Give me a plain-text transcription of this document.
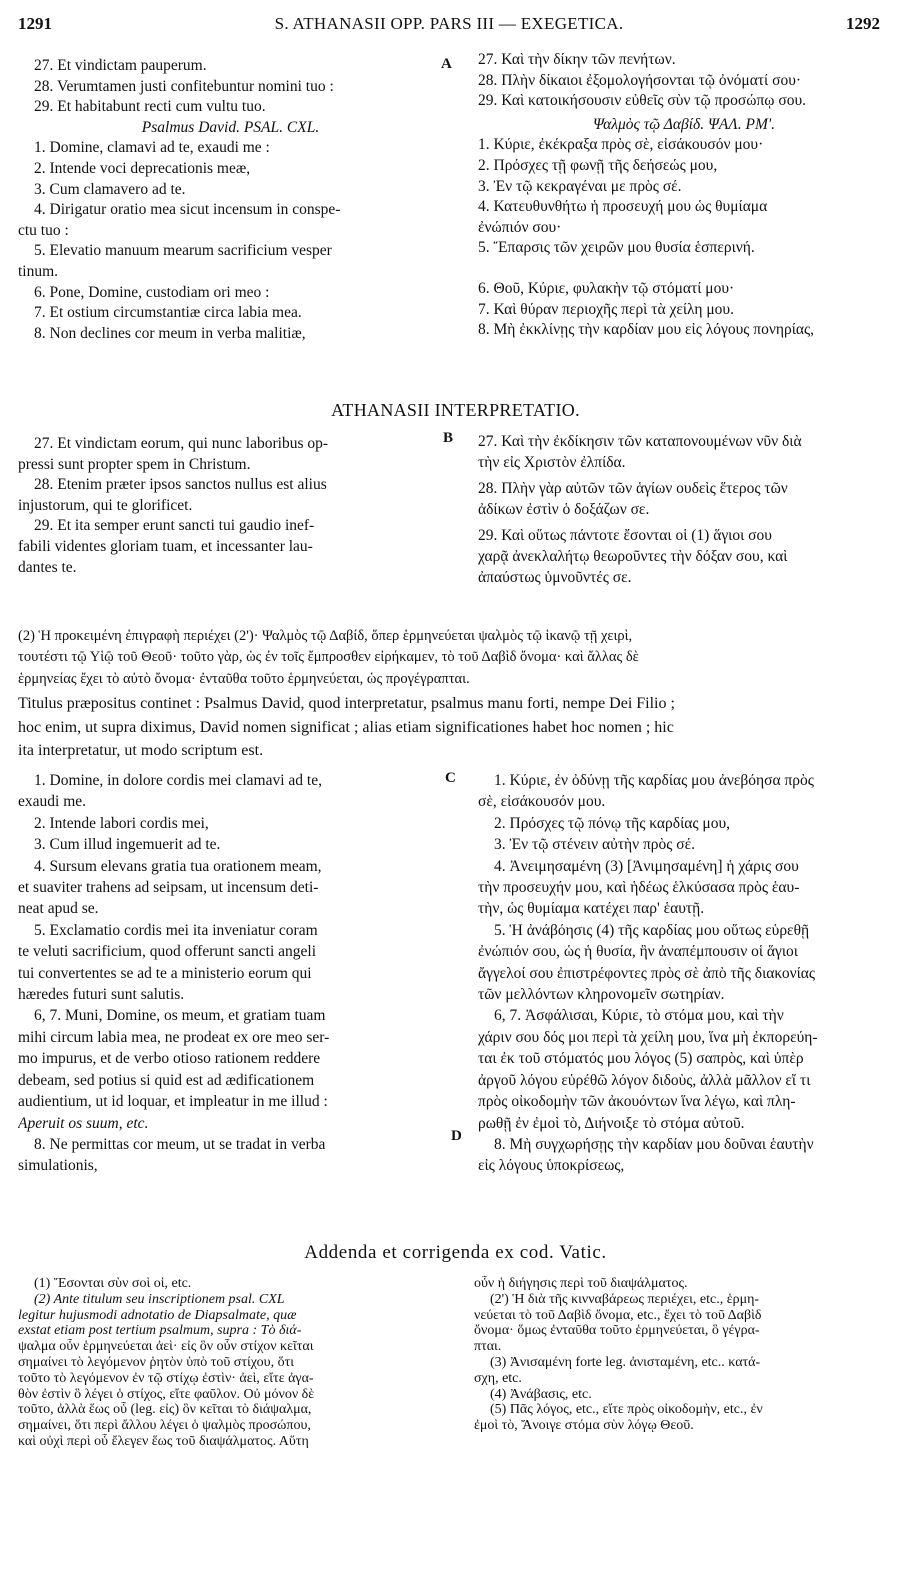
1291	S. ATHANASII OPP. PARS III — EXEGETICA.	1292
27. Et vindictam pauperum.
28. Verumtamen justi confitebuntur nomini tuo :
29. Et habitabunt recti cum vultu tuo.
Psalmus David. PSAL. CXL.
1. Domine, clamavi ad te, exaudi me :
2. Intende voci deprecationis meæ,
3. Cum clamavero ad te.
4. Dirigatur oratio mea sicut incensum in conspe-
ctu tuo :
5. Elevatio manuum mearum sacrificium vesper
tinum.
6. Pone, Domine, custodiam ori meo :
7. Et ostium circumstantiæ circa labia mea.
8. Non declines cor meum in verba malitiæ,
A 27. Καὶ τὴν δίκην τῶν πενήτων.
28. Πλὴν δίκαιοι ἐξομολογήσονται τῷ ὀνόματί σου·
29. Καὶ κατοικήσουσιν εὐθεῖς σὺν τῷ προσώπῳ σου.
Ψαλμὸς τῷ Δαβίδ. ΨΑΛ. ΡΜ'.
1. Κύριε, ἐκέκραξα πρὸς σὲ, εἰσάκουσόν μου·
2. Πρόσχες τῇ φωνῇ τῆς δεήσεώς μου,
3. Ἐν τῷ κεκραγέναι με πρὸς σέ.
4. Κατευθυνθήτω ἡ προσευχή μου ὡς θυμίαμα
ἐνώπιόν σου·
5. Ἔπαρσις τῶν χειρῶν μου θυσία ἑσπερινή.
6. Θοῦ, Κύριε, φυλακὴν τῷ στόματί μου·
7. Καὶ θύραν περιοχῆς περὶ τὰ χείλη μου.
8. Μὴ ἐκκλίνῃς τὴν καρδίαν μου εἰς λόγους πονηρίας,
ATHANASII INTERPRETATIO.
27. Et vindictam eorum, qui nunc laboribus op-
pressi sunt propter spem in Christum.
28. Etenim præter ipsos sanctos nullus est alius
injustorum, qui te glorificet.
29. Et ita semper erunt sancti tui gaudio inef-
fabili videntes gloriam tuam, et incessanter lau-
dantes te.
B 27. Καὶ τὴν ἐκδίκησιν τῶν καταπονουμένων νῦν διὰ
τὴν εἰς Χριστὸν ἐλπίδα.
28. Πλὴν γὰρ αὐτῶν τῶν ἁγίων ουδεὶς ἕτερος τῶν
ἀδίκων ἐστὶν ὁ δοξάζων σε.
29. Καὶ οὕτως πάντοτε ἔσονται οἱ (1) ἅγιοι σου
χαρᾷ ἀνεκλαλήτῳ θεωροῦντες τὴν δόξαν σου, καὶ
ἀπαύστως ὑμνοῦντές σε.
(2) Ἡ προκειμένη ἐπιγραφὴ περιέχει (2')· Ψαλμὸς τῷ Δαβίδ, ὅπερ ἑρμηνεύεται ψαλμὸς τῷ ἱκανῷ τῇ χειρὶ,
τουτέστι τῷ Υἱῷ τοῦ Θεοῦ· τοῦτο γὰρ, ὡς ἐν τοῖς ἔμπροσθεν εἰρήκαμεν, τὸ τοῦ Δαβὶδ ὄνομα· καὶ ἄλλας δὲ
ἑρμηνείας ἔχει τὸ αὐτὸ ὄνομα· ἐνταῦθα τοῦτο ἑρμηνεύεται, ὡς προγέγραπται.
Titulus præpositus continet : Psalmus David, quod interpretatur, psalmus manu forti, nempe Dei Filio ;
hoc enim, ut supra diximus, David nomen significat ; alias etiam significationes habet hoc nomen ; hic
ita interpretatur, ut modo scriptum est.
1. Domine, in dolore cordis mei clamavi ad te,
exaudi me.
2. Intende labori cordis mei,
3. Cum illud ingemuerit ad te.
4. Sursum elevans gratia tua orationem meam,
et suaviter trahens ad seipsam, ut incensum deti-
neat apud se.
5. Exclamatio cordis mei ita inveniatur coram
te veluti sacrificium, quod offerunt sancti angeli
tui convertentes se ad te a ministerio eorum qui
hæredes futuri sunt salutis.
6, 7. Muni, Domine, os meum, et gratiam tuam
mihi circum labia mea, ne prodeat ex ore meo ser-
mo impurus, et de verbo otioso rationem reddere
debeam, sed potius si quid est ad ædificationem
audientium, ut id loquar, et impleatur in me illud :
Aperuit os suum, etc.
8. Ne permittas cor meum, ut se tradat in verba
simulationis,
C
D
1. Κύριε, ἐν ὀδύνῃ τῆς καρδίας μου ἀνεβόησα πρὸς
σὲ, εἰσάκουσόν μου.
2. Πρόσχες τῷ πόνῳ τῆς καρδίας μου,
3. Ἐν τῷ στένειν αὐτὴν πρὸς σέ.
4. Ἀνειμησαμένη (3) [Ἀνιμησαμένη] ἡ χάρις σου
τὴν προσευχήν μου, καὶ ἡδέως ἑλκύσασα πρὸς ἑαυ-
τὴν, ὡς θυμίαμα κατέχει παρ' ἑαυτῇ.
5. Ἡ ἀνάβόησις (4) τῆς καρδίας μου οὕτως εὑρεθῇ
ἐνώπιόν σου, ὡς ἡ θυσία, ἣν ἀναπέμπουσιν οἱ ἅγιοι
ἄγγελοί σου ἐπιστρέφοντες πρὸς σὲ ἀπὸ τῆς διακονίας
τῶν μελλόντων κληρονομεῖν σωτηρίαν.
6, 7. Ἀσφάλισαι, Κύριε, τὸ στόμα μου, καὶ τὴν
χάριν σου δός μοι περὶ τὰ χείλη μου, ἵνα μὴ ἐκπορεύη-
ται ἐκ τοῦ στόματός μου λόγος (5) σαπρὸς, καὶ ὑπὲρ
ἀργοῦ λόγου εὑρέθῶ λόγον διδοὺς, ἀλλὰ μᾶλλον εἴ τι
πρὸς οἰκοδομὴν τῶν ἀκουόντων ἵνα λέγω, καὶ πλη-
ρωθῇ ἐν ἐμοὶ τὸ, Διήνοιξε τὸ στόμα αὐτοῦ.
8. Μὴ συγχωρήσῃς τὴν καρδίαν μου δοῦναι ἑαυτὴν
εἰς λόγους ὑποκρίσεως,
Addenda et corrigenda ex cod. Vatic.
(1) Ἔσονται σὺν σοὶ οἱ, etc.
(2) Ante titulum seu inscriptionem psal. CXL
legitur hujusmodi adnotatio de Diapsalmate, quæ
exstat etiam post tertium psalmum, supra : Τὸ διά-
ψαλμα οὖν ἑρμηνεύεται ἀεὶ· εἰς ὃν οὖν στίχον κεῖται
σημαίνει τὸ λεγόμενον ῥητὸν ὑπὸ τοῦ στίχου, ὅτι
τοῦτο τὸ λεγόμενον ἐν τῷ στίχῳ ἐστὶν· ἀεὶ, εἴτε ἀγα-
θὸν ἐστὶν ὃ λέγει ὁ στίχος, εἴτε φαῦλον. Οὐ μόνον δὲ
τοῦτο, ἀλλὰ ἕως οὗ (leg. εἰς) ὃν κεῖται τὸ διάψαλμα,
σημαίνει, ὅτι περὶ ἄλλου λέγει ὁ ψαλμὸς προσώπου,
καὶ οὐχὶ περὶ οὗ ἔλεγεν ἕως τοῦ διαψάλματος. Αὕτη
οὖν ἡ διήγησις περὶ τοῦ διαψάλματος.
(2') Ἡ διὰ τῆς κινναβάρεως περιέχει, etc., ἑρμη-
νεύεται τὸ τοῦ Δαβὶδ ὄνομα, etc., ἔχει τὸ τοῦ Δαβὶδ
ὄνομα· ὅμως ἐνταῦθα τοῦτο ἑρμηνεύεται, ὃ γέγρα-
πται.
(3) Ἀνισαμένη forte leg. ἀνισταμένη, etc.. κατά-
σχη, etc.
(4) Ἀνάβασις, etc.
(5) Πᾶς λόγος, etc., εἴτε πρὸς οἰκοδομὴν, etc., ἐν
ἐμοὶ τὸ, Ἄνοιγε στόμα σὺν λόγῳ Θεοῦ.
